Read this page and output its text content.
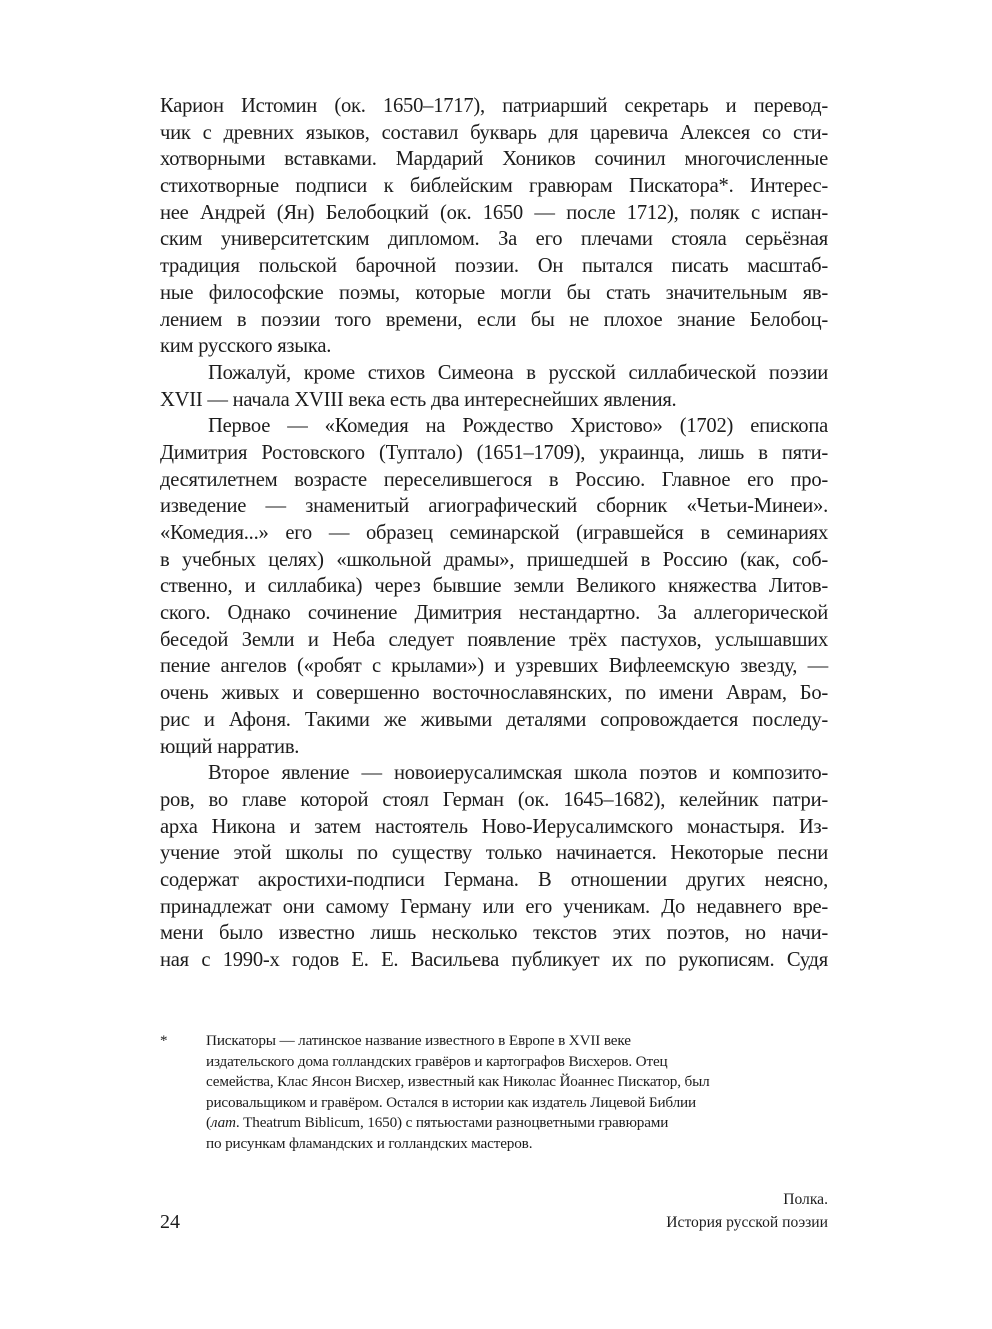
Карион Истомин (ок. 1650–1717), патриарший секретарь и перевод-
чик с древних языков, составил букварь для царевича Алексея со сти-
хотворными вставками. Мардарий Хоников сочинил многочисленные
стихотворные подписи к библейским гравюрам Пискатора*. Интерес-
нее Андрей (Ян) Белобоцкий (ок. 1650 — после 1712), поляк с испан-
ским университетским дипломом. За его плечами стояла серьёзная
традиция польской барочной поэзии. Он пытался писать масштаб-
ные философские поэмы, которые могли бы стать значительным яв-
лением в поэзии того времени, если бы не плохое знание Белобоц-
ким русского языка.
Пожалуй, кроме стихов Симеона в русской силлабической поэзии
XVII — начала XVIII века есть два интереснейших явления.
Первое — «Комедия на Рождество Христово» (1702) епископа
Димитрия Ростовского (Туптало) (1651–1709), украинца, лишь в пяти-
десятилетнем возрасте переселившегося в Россию. Главное его про-
изведение — знаменитый агиографический сборник «Четьи-Минеи».
«Комедия...» его — образец семинарской (игравшейся в семинариях
в учебных целях) «школьной драмы», пришедшей в Россию (как, соб-
ственно, и силлабика) через бывшие земли Великого княжества Литов-
ского. Однако сочинение Димитрия нестандартно. За аллегорической
беседой Земли и Неба следует появление трёх пастухов, услышавших
пение ангелов («робят с крылами») и узревших Вифлеемскую звезду, —
очень живых и совершенно восточнославянских, по имени Аврам, Бо-
рис и Афоня. Такими же живыми деталями сопровождается последу-
ющий нарратив.
Второе явление — новоиерусалимская школа поэтов и композито-
ров, во главе которой стоял Герман (ок. 1645–1682), келейник патри-
арха Никона и затем настоятель Ново-Иерусалимского монастыря. Из-
учение этой школы по существу только начинается. Некоторые песни
содержат акростихи-подписи Германа. В отношении других неясно,
принадлежат они самому Герману или его ученикам. До недавнего вре-
мени было известно лишь несколько текстов этих поэтов, но начи-
ная с 1990-х годов Е. Е. Васильева публикует их по рукописям. Судя
*	Пискаторы — латинское название известного в Европе в XVII веке
издательского дома голландских гравёров и картографов Висхеров. Отец
семейства, Клас Янсон Висхер, известный как Николас Йоаннес Пискатор, был
рисовальщиком и гравёром. Остался в истории как издатель Лицевой Библии
(лат. Theatrum Biblicum, 1650) с пятьюстами разноцветными гравюрами
по рисункам фламандских и голландских мастеров.
24
Полка.
История русской поэзии
